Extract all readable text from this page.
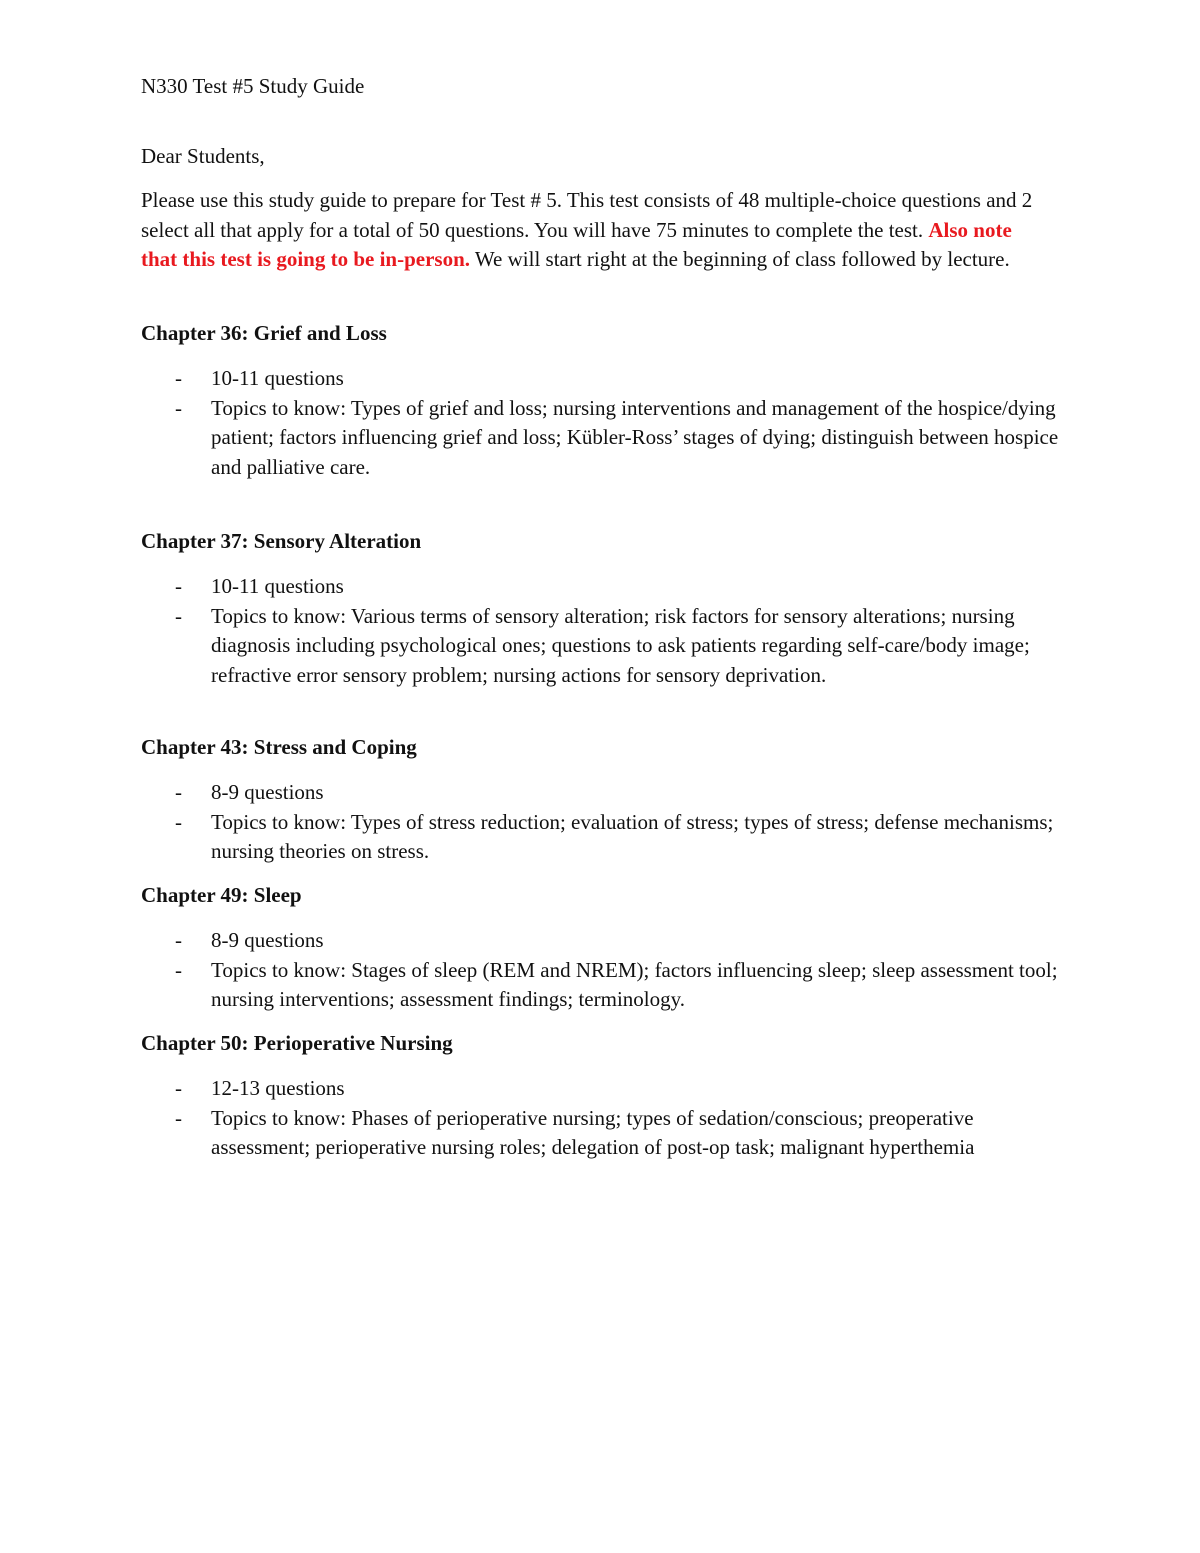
N330 Test #5 Study Guide

Dear Students,

Please use this study guide to prepare for Test # 5. This test consists of 48 multiple-choice questions and 2 select all that apply for a total of 50 questions. You will have 75 minutes to complete the test. Also note that this test is going to be in-person. We will start right at the beginning of class followed by lecture.

Chapter 36: Grief and Loss
- 10-11 questions
- Topics to know: Types of grief and loss; nursing interventions and management of the hospice/dying patient; factors influencing grief and loss; Kübler-Ross’ stages of dying; distinguish between hospice and palliative care.
Chapter 37: Sensory Alteration
- 10-11 questions
- Topics to know: Various terms of sensory alteration; risk factors for sensory alterations; nursing diagnosis including psychological ones; questions to ask patients regarding self-care/body image; refractive error sensory problem; nursing actions for sensory deprivation.
Chapter 43: Stress and Coping
- 8-9 questions
- Topics to know: Types of stress reduction; evaluation of stress; types of stress; defense mechanisms; nursing theories on stress.
Chapter 49: Sleep
- 8-9 questions
- Topics to know: Stages of sleep (REM and NREM); factors influencing sleep; sleep assessment tool; nursing interventions; assessment findings; terminology.
Chapter 50: Perioperative Nursing
- 12-13 questions
- Topics to know: Phases of perioperative nursing; types of sedation/conscious; preoperative assessment; perioperative nursing roles; delegation of post-op task; malignant hyperthemia
